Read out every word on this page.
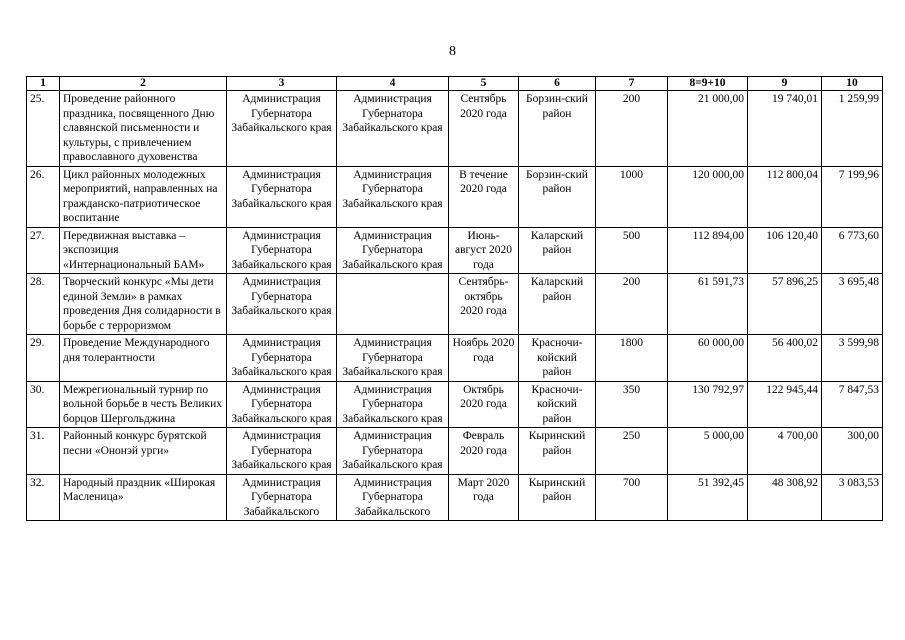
8
1	2	3	4	5	6	7	8=9+10	9	10
25.	Проведение районного праздника, посвященного Дню славянской письменности и культуры, с привлечением православного духовенства	Администрация Губернатора Забайкальского края	Администрация Губернатора Забайкальского края	Сентябрь 2020 года	Борзин-ский район	200	21 000,00	19 740,01	1 259,99
26.	Цикл районных молодежных мероприятий, направленных на гражданско-патриотическое воспитание	Администрация Губернатора Забайкальского края	Администрация Губернатора Забайкальского края	В течение 2020 года	Борзин-ский район	1000	120 000,00	112 800,04	7 199,96
27.	Передвижная выставка – экспозиция «Интернациональный БАМ»	Администрация Губернатора Забайкальского края	Администрация Губернатора Забайкальского края	Июнь-август 2020 года	Каларский район	500	112 894,00	106 120,40	6 773,60
28.	Творческий конкурс «Мы дети единой Земли» в рамках проведения Дня солидарности в борьбе с терроризмом	Администрация Губернатора Забайкальского края		Сентябрь-октябрь 2020 года	Каларский район	200	61 591,73	57 896,25	3 695,48
29.	Проведение Международного дня толерантности	Администрация Губернатора Забайкальского края	Администрация Губернатора Забайкальского края	Ноябрь 2020 года	Красночи-койский район	1800	60 000,00	56 400,02	3 599,98
30.	Межрегиональный турнир по вольной борьбе в честь Великих борцов Шергольджина	Администрация Губернатора Забайкальского края	Администрация Губернатора Забайкальского края	Октябрь 2020 года	Красночи-койский район	350	130 792,97	122 945,44	7 847,53
31.	Районный конкурс бурятской песни «Ононэй урги»	Администрация Губернатора Забайкальского края	Администрация Губернатора Забайкальского края	Февраль 2020 года	Кыринский район	250	5 000,00	4 700,00	300,00
32.	Народный праздник «Широкая Масленица»	Администрация Губернатора Забайкальского	Администрация Губернатора Забайкальского	Март 2020 года	Кыринский район	700	51 392,45	48 308,92	3 083,53
